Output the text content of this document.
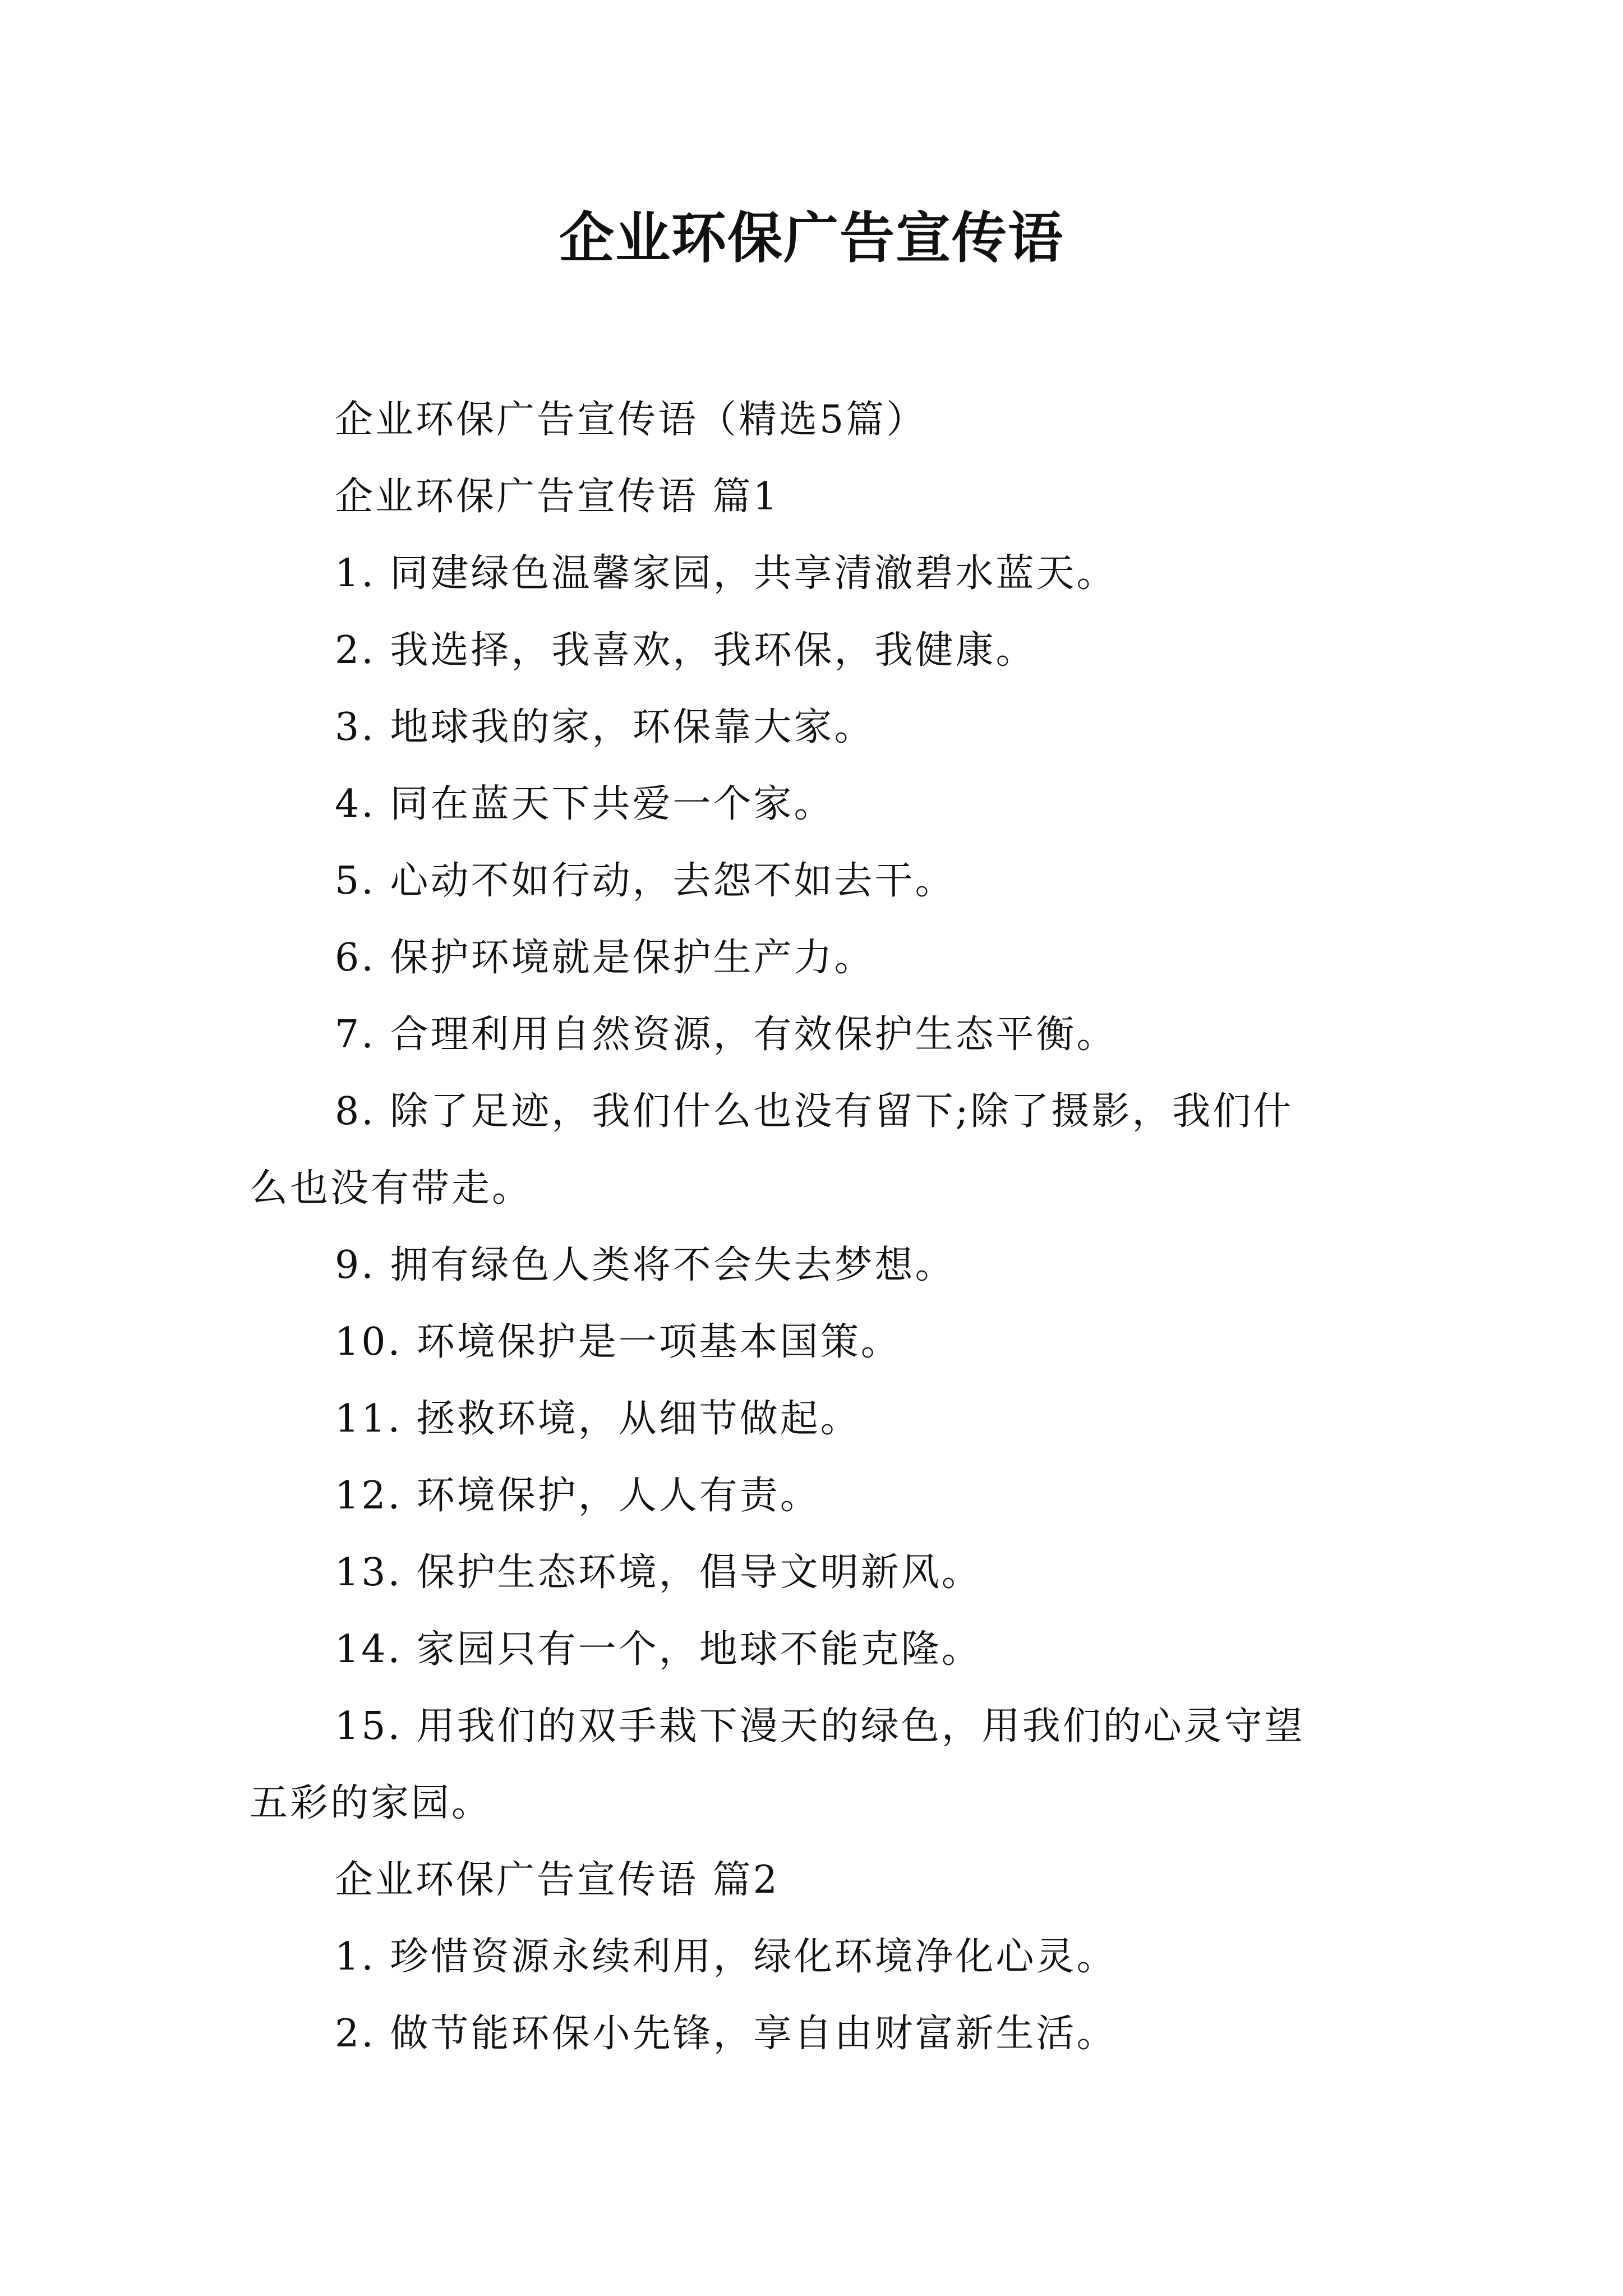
企业环保广告宣传语
企业环保广告宣传语（精选5篇）
企业环保广告宣传语 篇1
1. 同建绿色温馨家园，共享清澈碧水蓝天。
2. 我选择，我喜欢，我环保，我健康。
3. 地球我的家，环保靠大家。
4. 同在蓝天下共爱一个家。
5. 心动不如行动，去怨不如去干。
6. 保护环境就是保护生产力。
7. 合理利用自然资源，有效保护生态平衡。
8. 除了足迹，我们什么也没有留下;除了摄影，我们什
么也没有带走。
9. 拥有绿色人类将不会失去梦想。
10. 环境保护是一项基本国策。
11. 拯救环境，从细节做起。
12. 环境保护，人人有责。
13. 保护生态环境，倡导文明新风。
14. 家园只有一个，地球不能克隆。
15. 用我们的双手栽下漫天的绿色，用我们的心灵守望
五彩的家园。
企业环保广告宣传语 篇2
1. 珍惜资源永续利用，绿化环境净化心灵。
2. 做节能环保小先锋，享自由财富新生活。
